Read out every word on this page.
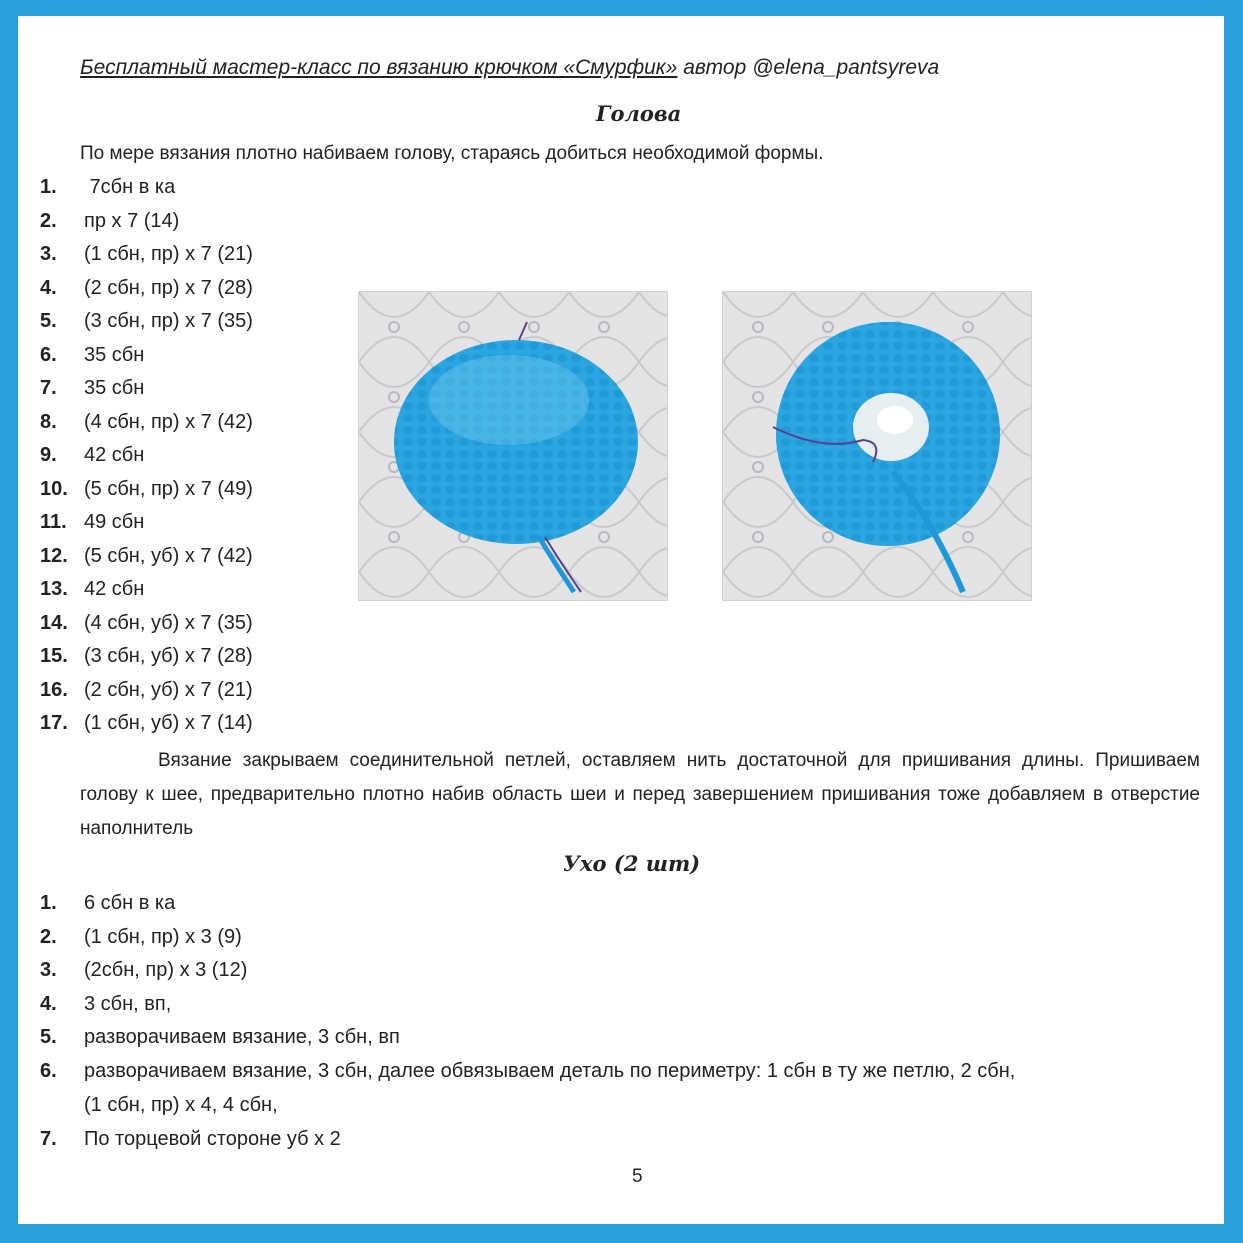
Бесплатный мастер-класс по вязанию крючком «Смурфик» автор @elena_pantsyreva
Голова
По мере вязания плотно набиваем голову, стараясь добиться необходимой формы.
1. 7сбн в ка
2. пр х 7 (14)
3. (1 сбн, пр) х 7 (21)
4. (2 сбн, пр) х 7 (28)
5. (3 сбн, пр) х 7 (35)
6. 35 сбн
7. 35 сбн
8. (4 сбн, пр) х 7 (42)
9. 42 сбн
10. (5 сбн, пр) х 7 (49)
11. 49 сбн
12. (5 сбн, уб) х 7 (42)
13. 42 сбн
14. (4 сбн, уб) х 7 (35)
15. (3 сбн, уб) х 7 (28)
16. (2 сбн, уб) х 7 (21)
17. (1 сбн, уб) х 7 (14)
Вязание закрываем соединительной петлей, оставляем нить достаточной для пришивания длины. Пришиваем голову к шее, предварительно плотно набив область шеи и перед завершением пришивания тоже добавляем в отверстие наполнитель
Ухо (2 шт)
1. 6 сбн в ка
2. (1 сбн, пр) х 3 (9)
3. (2сбн, пр) х 3 (12)
4. 3 сбн, вп,
5. разворачиваем вязание, 3 сбн, вп
6. разворачиваем вязание, 3 сбн, далее обвязываем деталь по периметру: 1 сбн в ту же петлю, 2 сбн,
(1 сбн, пр) х 4, 4 сбн,
7. По торцевой стороне уб х 2
5
